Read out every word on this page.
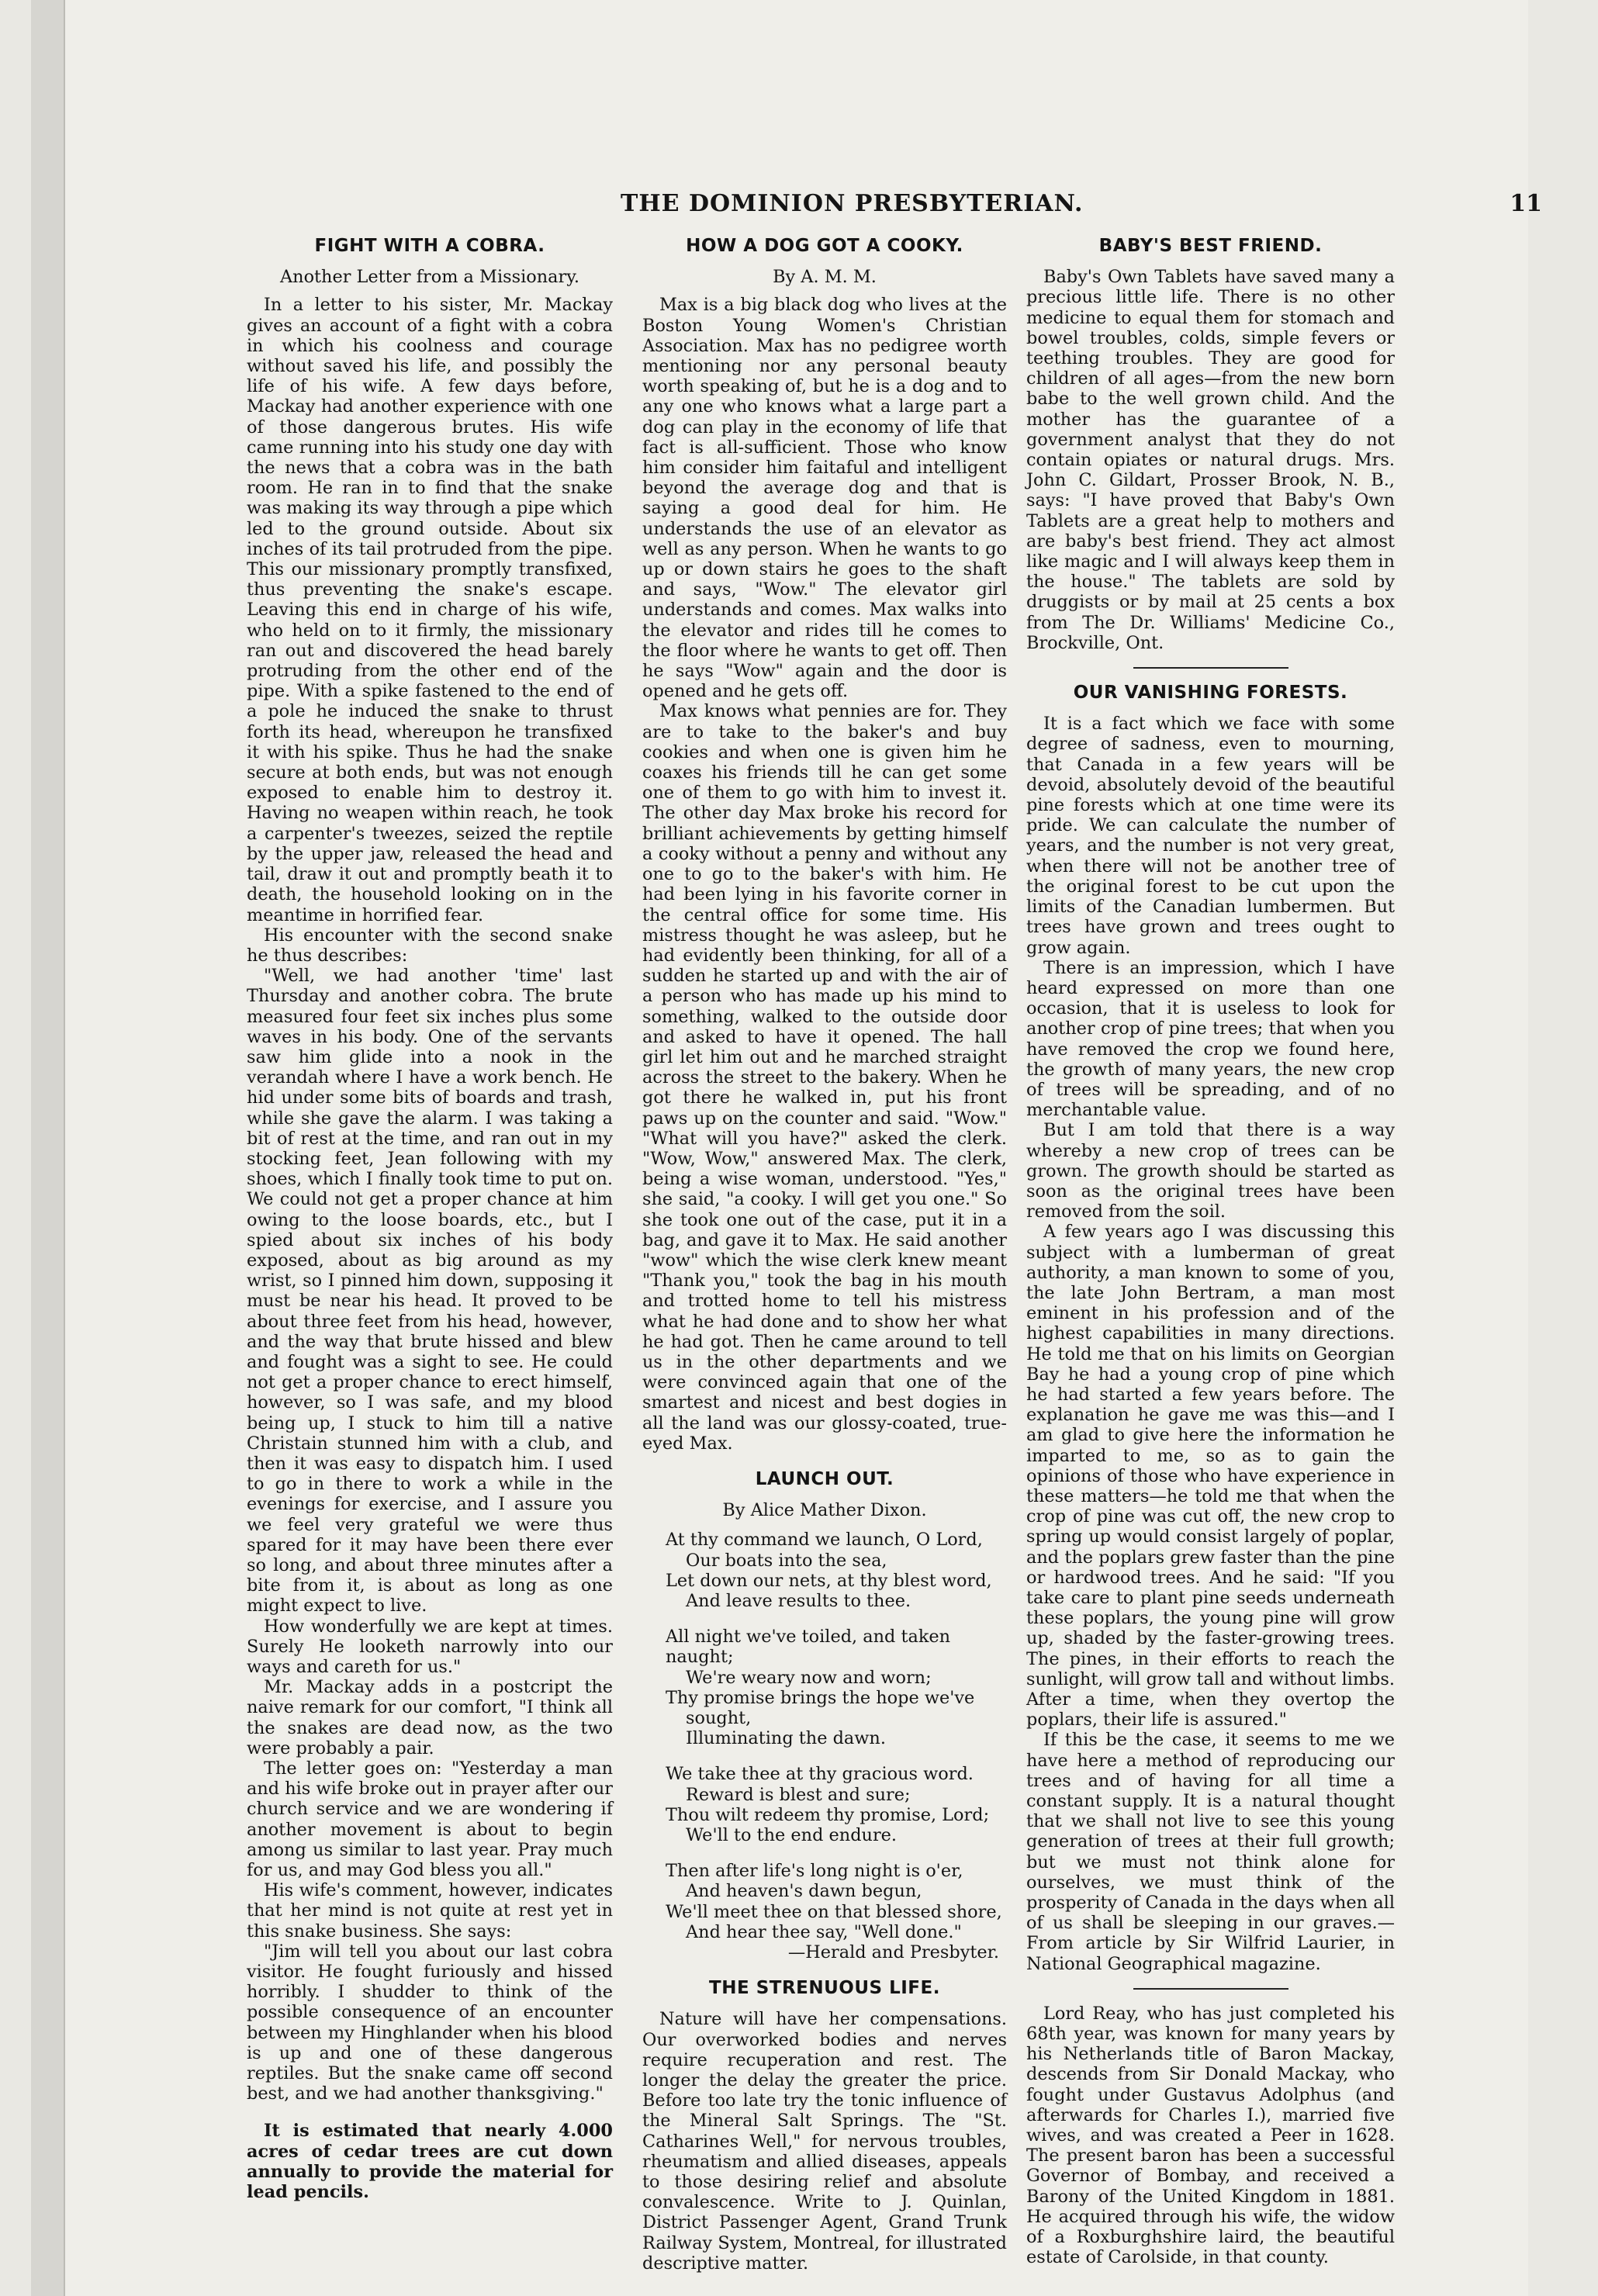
THE DOMINION PRESBYTERIAN.	11
FIGHT WITH A COBRA.
Another Letter from a Missionary.

In a letter to his sister, Mr. Mackay gives an account of a fight with a cobra in which his coolness and courage without saved his life, and possibly the life of his wife. A few days before, Mackay had another experience with one of those dangerous brutes. His wife came running into his study one day with the news that a cobra was in the bath room. He ran in to find that the snake was making its way through a pipe which led to the ground outside. About six inches of its tail protruded from the pipe. This our missionary promptly transfixed, thus preventing the snake's escape. Leaving this end in charge of his wife, who held on to it firmly, the missionary ran out and discovered the head barely protruding from the other end of the pipe. With a spike fastened to the end of a pole he induced the snake to thrust forth its head, whereupon he transfixed it with his spike. Thus he had the snake secure at both ends, but was not enough exposed to enable him to destroy it. Having no weapen within reach, he took a carpenter's tweezes, seized the reptile by the upper jaw, released the head and tail, draw it out and promptly beath it to death, the household looking on in the meantime in horrified fear.

His encounter with the second snake he thus describes:

"Well, we had another 'time' last Thursday and another cobra. The brute measured four feet six inches plus some waves in his body. One of the servants saw him glide into a nook in the verandah where I have a work bench. He hid under some bits of boards and trash, while she gave the alarm. I was taking a bit of rest at the time, and ran out in my stocking feet, Jean following with my shoes, which I finally took time to put on. We could not get a proper chance at him owing to the loose boards, etc., but I spied about six inches of his body exposed, about as big around as my wrist, so I pinned him down, supposing it must be near his head. It proved to be about three feet from his head, however, and the way that brute hissed and blew and fought was a sight to see. He could not get a proper chance to erect himself, however, so I was safe, and my blood being up, I stuck to him till a native Christain stunned him with a club, and then it was easy to dispatch him. I used to go in there to work a while in the evenings for exercise, and I assure you we feel very grateful we were thus spared for it may have been there ever so long, and about three minutes after a bite from it, is about as long as one might expect to live.

How wonderfully we are kept at times. Surely He looketh narrowly into our ways and careth for us."

Mr. Mackay adds in a postcript the naive remark for our comfort, "I think all the snakes are dead now, as the two were probably a pair.

The letter goes on: "Yesterday a man and his wife broke out in prayer after our church service and we are wondering if another movement is about to begin among us similar to last year. Pray much for us, and may God bless you all."

His wife's comment, however, indicates that her mind is not quite at rest yet in this snake business. She says:

"Jim will tell you about our last cobra visitor. He fought furiously and hissed horribly. I shudder to think of the possible consequence of an encounter between my Hinghlander when his blood is up and one of these dangerous reptiles. But the snake came off second best, and we had another thanksgiving."

It is estimated that nearly 4.000 acres of cedar trees are cut down annually to provide the material for lead pencils.

HOW A DOG GOT A COOKY.
By A. M. M.

Max is a big black dog who lives at the Boston Young Women's Christian Association. Max has no pedigree worth mentioning nor any personal beauty worth speaking of, but he is a dog and to any one who knows what a large part a dog can play in the economy of life that fact is all-sufficient. Those who know him consider him faitaful and intelligent beyond the average dog and that is saying a good deal for him. He understands the use of an elevator as well as any person. When he wants to go up or down stairs he goes to the shaft and says, "Wow." The elevator girl understands and comes. Max walks into the elevator and rides till he comes to the floor where he wants to get off. Then he says "Wow" again and the door is opened and he gets off.

Max knows what pennies are for. They are to take to the baker's and buy cookies and when one is given him he coaxes his friends till he can get some one of them to go with him to invest it. The other day Max broke his record for brilliant achievements by getting himself a cooky without a penny and without any one to go to the baker's with him. He had been lying in his favorite corner in the central office for some time. His mistress thought he was asleep, but he had evidently been thinking, for all of a sudden he started up and with the air of a person who has made up his mind to something, walked to the outside door and asked to have it opened. The hall girl let him out and he marched straight across the street to the bakery. When he got there he walked in, put his front paws up on the counter and said. "Wow." "What will you have?" asked the clerk. "Wow, Wow," answered Max. The clerk, being a wise woman, understood. "Yes," she said, "a cooky. I will get you one." So she took one out of the case, put it in a bag, and gave it to Max. He said another "wow" which the wise clerk knew meant "Thank you," took the bag in his mouth and trotted home to tell his mistress what he had done and to show her what he had got. Then he came around to tell us in the other departments and we were convinced again that one of the smartest and nicest and best dogies in all the land was our glossy-coated, true-eyed Max.

LAUNCH OUT.
By Alice Mather Dixon.
At thy command we launch, O Lord,
Our boats into the sea,
Let down our nets, at thy blest word,
And leave results to thee.
All night we've toiled, and taken naught;
We're weary now and worn;
Thy promise brings the hope we've
sought,
Illuminating the dawn.
We take thee at thy gracious word.
Reward is blest and sure;
Thou wilt redeem thy promise, Lord;
We'll to the end endure.
Then after life's long night is o'er,
And heaven's dawn begun,
We'll meet thee on that blessed shore,
And hear thee say, "Well done."
—Herald and Presbyter.
THE STRENUOUS LIFE.

Nature will have her compensations. Our overworked bodies and nerves require recuperation and rest. The longer the delay the greater the price. Before too late try the tonic influence of the Mineral Salt Springs. The "St. Catharines Well," for nervous troubles, rheumatism and allied diseases, appeals to those desiring relief and absolute convalescence. Write to J. Quinlan, District Passenger Agent, Grand Trunk Railway System, Montreal, for illustrated descriptive matter.

BABY'S BEST FRIEND.

Baby's Own Tablets have saved many a precious little life. There is no other medicine to equal them for stomach and bowel troubles, colds, simple fevers or teething troubles. They are good for children of all ages—from the new born babe to the well grown child. And the mother has the guarantee of a government analyst that they do not contain opiates or natural drugs. Mrs. John C. Gildart, Prosser Brook, N. B., says: "I have proved that Baby's Own Tablets are a great help to mothers and are baby's best friend. They act almost like magic and I will always keep them in the house." The tablets are sold by druggists or by mail at 25 cents a box from The Dr. Williams' Medicine Co., Brockville, Ont.

OUR VANISHING FORESTS.

It is a fact which we face with some degree of sadness, even to mourning, that Canada in a few years will be devoid, absolutely devoid of the beautiful pine forests which at one time were its pride. We can calculate the number of years, and the number is not very great, when there will not be another tree of the original forest to be cut upon the limits of the Canadian lumbermen. But trees have grown and trees ought to grow again.

There is an impression, which I have heard expressed on more than one occasion, that it is useless to look for another crop of pine trees; that when you have removed the crop we found here, the growth of many years, the new crop of trees will be spreading, and of no merchantable value.

But I am told that there is a way whereby a new crop of trees can be grown. The growth should be started as soon as the original trees have been removed from the soil.

A few years ago I was discussing this subject with a lumberman of great authority, a man known to some of you, the late John Bertram, a man most eminent in his profession and of the highest capabilities in many directions. He told me that on his limits on Georgian Bay he had a young crop of pine which he had started a few years before. The explanation he gave me was this—and I am glad to give here the information he imparted to me, so as to gain the opinions of those who have experience in these matters—he told me that when the crop of pine was cut off, the new crop to spring up would consist largely of poplar, and the poplars grew faster than the pine or hardwood trees. And he said: "If you take care to plant pine seeds underneath these poplars, the young pine will grow up, shaded by the faster-growing trees. The pines, in their efforts to reach the sunlight, will grow tall and without limbs. After a time, when they overtop the poplars, their life is assured."

If this be the case, it seems to me we have here a method of reproducing our trees and of having for all time a constant supply. It is a natural thought that we shall not live to see this young generation of trees at their full growth; but we must not think alone for ourselves, we must think of the prosperity of Canada in the days when all of us shall be sleeping in our graves.—From article by Sir Wilfrid Laurier, in National Geographical magazine.

Lord Reay, who has just completed his 68th year, was known for many years by his Netherlands title of Baron Mackay, descends from Sir Donald Mackay, who fought under Gustavus Adolphus (and afterwards for Charles I.), married five wives, and was created a Peer in 1628. The present baron has been a successful Governor of Bombay, and received a Barony of the United Kingdom in 1881. He acquired through his wife, the widow of a Roxburghshire laird, the beautiful estate of Carolside, in that county.
